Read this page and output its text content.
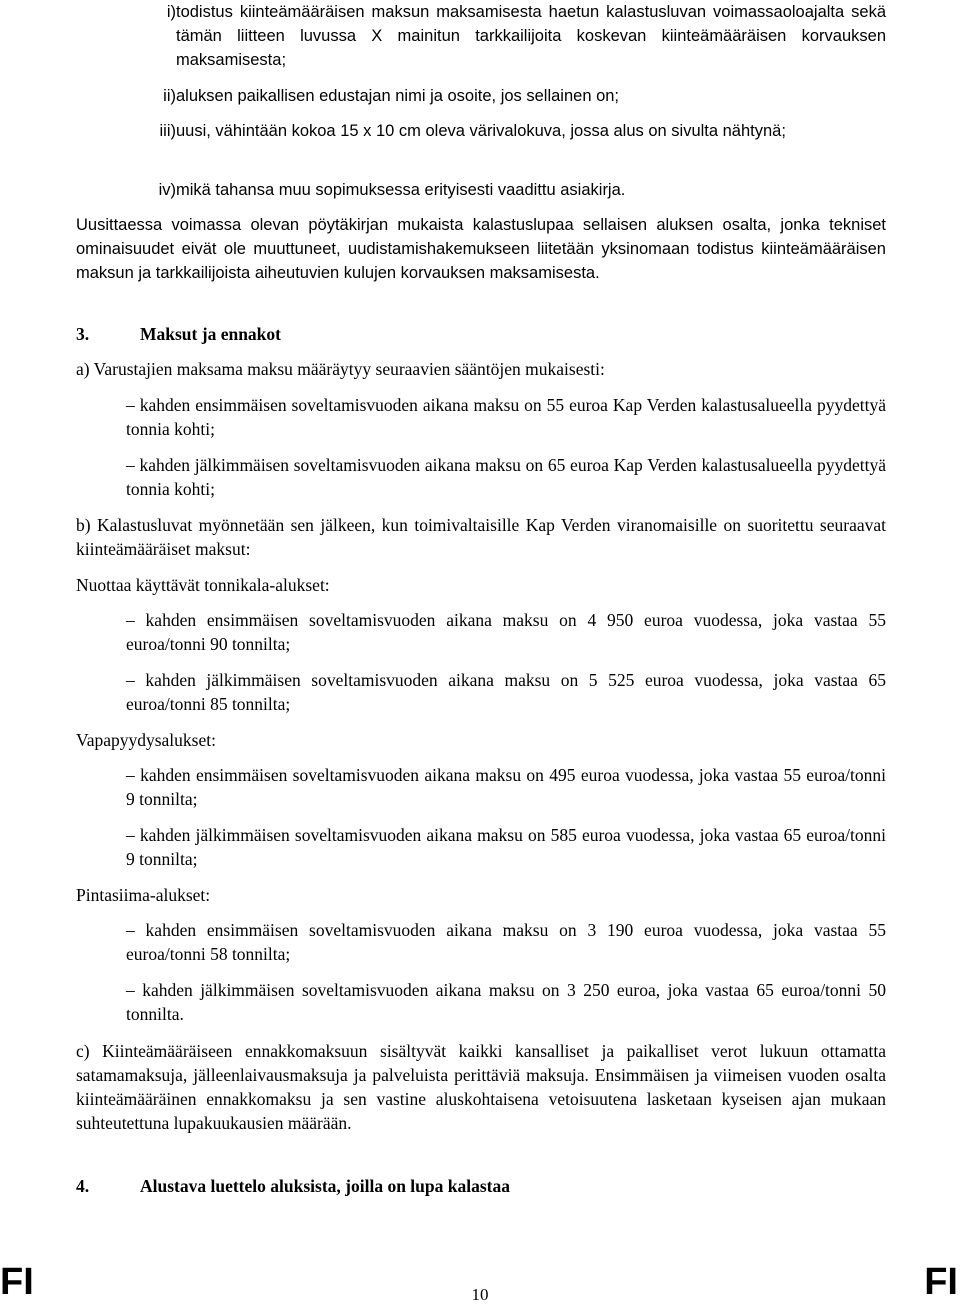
i) todistus kiinteämääräisen maksun maksamisesta haetun kalastusluvan voimassaoloajalta sekä tämän liitteen luvussa X mainitun tarkkailijoita koskevan kiinteämääräisen korvauksen maksamisesta;
ii) aluksen paikallisen edustajan nimi ja osoite, jos sellainen on;
iii) uusi, vähintään kokoa 15 x 10 cm oleva värivalokuva, jossa alus on sivulta nähtynä;
iv) mikä tahansa muu sopimuksessa erityisesti vaadittu asiakirja.
Uusittaessa voimassa olevan pöytäkirjan mukaista kalastuslupaa sellaisen aluksen osalta, jonka tekniset ominaisuudet eivät ole muuttuneet, uudistamishakemukseen liitetään yksinomaan todistus kiinteämääräisen maksun ja tarkkailijoista aiheutuvien kulujen korvauksen maksamisesta.
3.	Maksut ja ennakot
a) Varustajien maksama maksu määräytyy seuraavien sääntöjen mukaisesti:
– kahden ensimmäisen soveltamisvuoden aikana maksu on 55 euroa Kap Verden kalastusalueella pyydettyä tonnia kohti;
– kahden jälkimmäisen soveltamisvuoden aikana maksu on 65 euroa Kap Verden kalastusalueella pyydettyä tonnia kohti;
b) Kalastusluvat myönnetään sen jälkeen, kun toimivaltaisille Kap Verden viranomaisille on suoritettu seuraavat kiinteämääräiset maksut:
Nuottaa käyttävät tonnikala-alukset:
– kahden ensimmäisen soveltamisvuoden aikana maksu on 4 950 euroa vuodessa, joka vastaa 55 euroa/tonni 90 tonnilta;
– kahden jälkimmäisen soveltamisvuoden aikana maksu on 5 525 euroa vuodessa, joka vastaa 65 euroa/tonni 85 tonnilta;
Vapapyydysalukset:
– kahden ensimmäisen soveltamisvuoden aikana maksu on 495 euroa vuodessa, joka vastaa 55 euroa/tonni 9 tonnilta;
– kahden jälkimmäisen soveltamisvuoden aikana maksu on 585 euroa vuodessa, joka vastaa 65 euroa/tonni 9 tonnilta;
Pintasiima-alukset:
– kahden ensimmäisen soveltamisvuoden aikana maksu on 3 190 euroa vuodessa, joka vastaa 55 euroa/tonni 58 tonnilta;
– kahden jälkimmäisen soveltamisvuoden aikana maksu on 3 250 euroa, joka vastaa 65 euroa/tonni 50 tonnilta.
c) Kiinteämääräiseen ennakkomaksuun sisältyvät kaikki kansalliset ja paikalliset verot lukuun ottamatta satamamaksuja, jälleenlaivausmaksuja ja palveluista perittäviä maksuja. Ensimmäisen ja viimeisen vuoden osalta kiinteämääräinen ennakkomaksu ja sen vastine aluskohtaisena vetoisuutena lasketaan kyseisen ajan mukaan suhteutettuna lupakuukausien määrään.
4.	Alustava luettelo aluksista, joilla on lupa kalastaa
FI	10	FI
